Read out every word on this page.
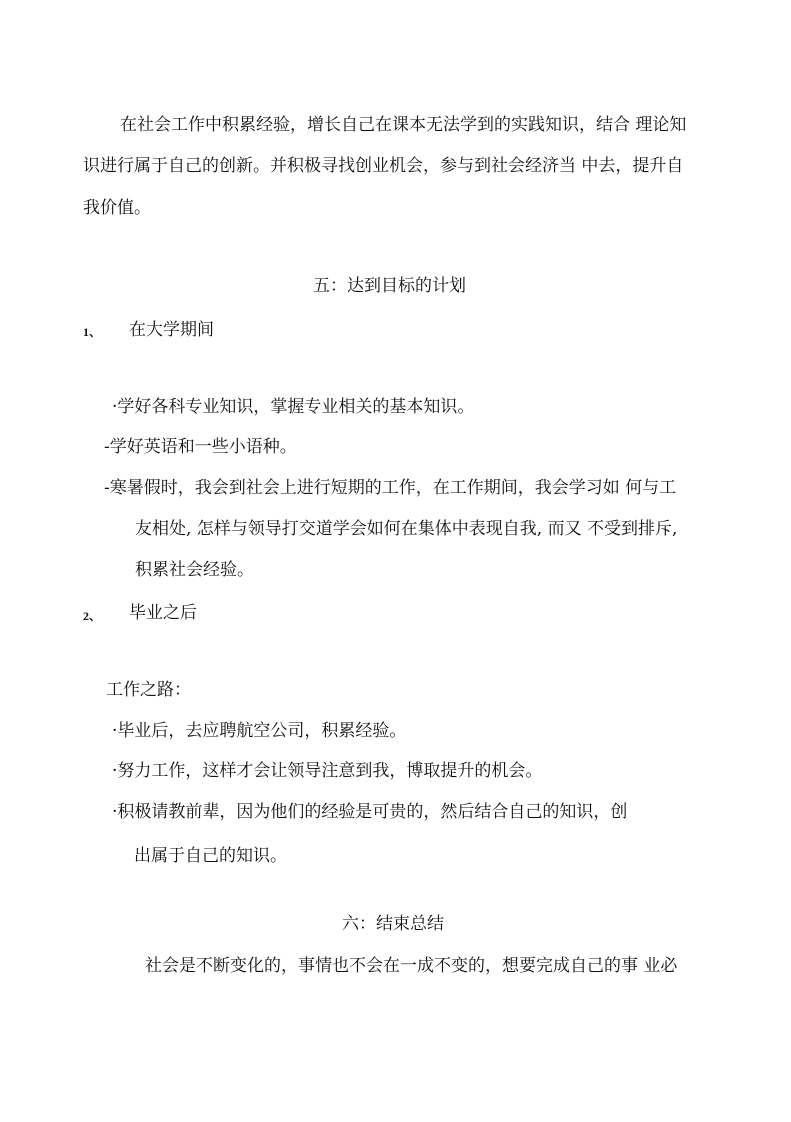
在社会工作中积累经验，增长自己在课本无法学到的实践知识，结合 理论知

识进行属于自己的创新。并积极寻找创业机会，参与到社会经济当 中去，提升自

我价值。

五：达到目标的计划

1、 在大学期间

·学好各科专业知识，掌握专业相关的基本知识。

-学好英语和一些小语种。

-寒暑假时，我会到社会上进行短期的工作，在工作期间，我会学习如 何与工

友相处, 怎样与领导打交道学会如何在集体中表现自我, 而又 不受到排斥,

积累社会经验。

2、 毕业之后

工作之路：

·毕业后，去应聘航空公司，积累经验。

·努力工作，这样才会让领导注意到我，博取提升的机会。

·积极请教前辈，因为他们的经验是可贵的，然后结合自己的知识，创

出属于自己的知识。

六：结束总结

社会是不断变化的，事情也不会在一成不变的，想要完成自己的事 业必
